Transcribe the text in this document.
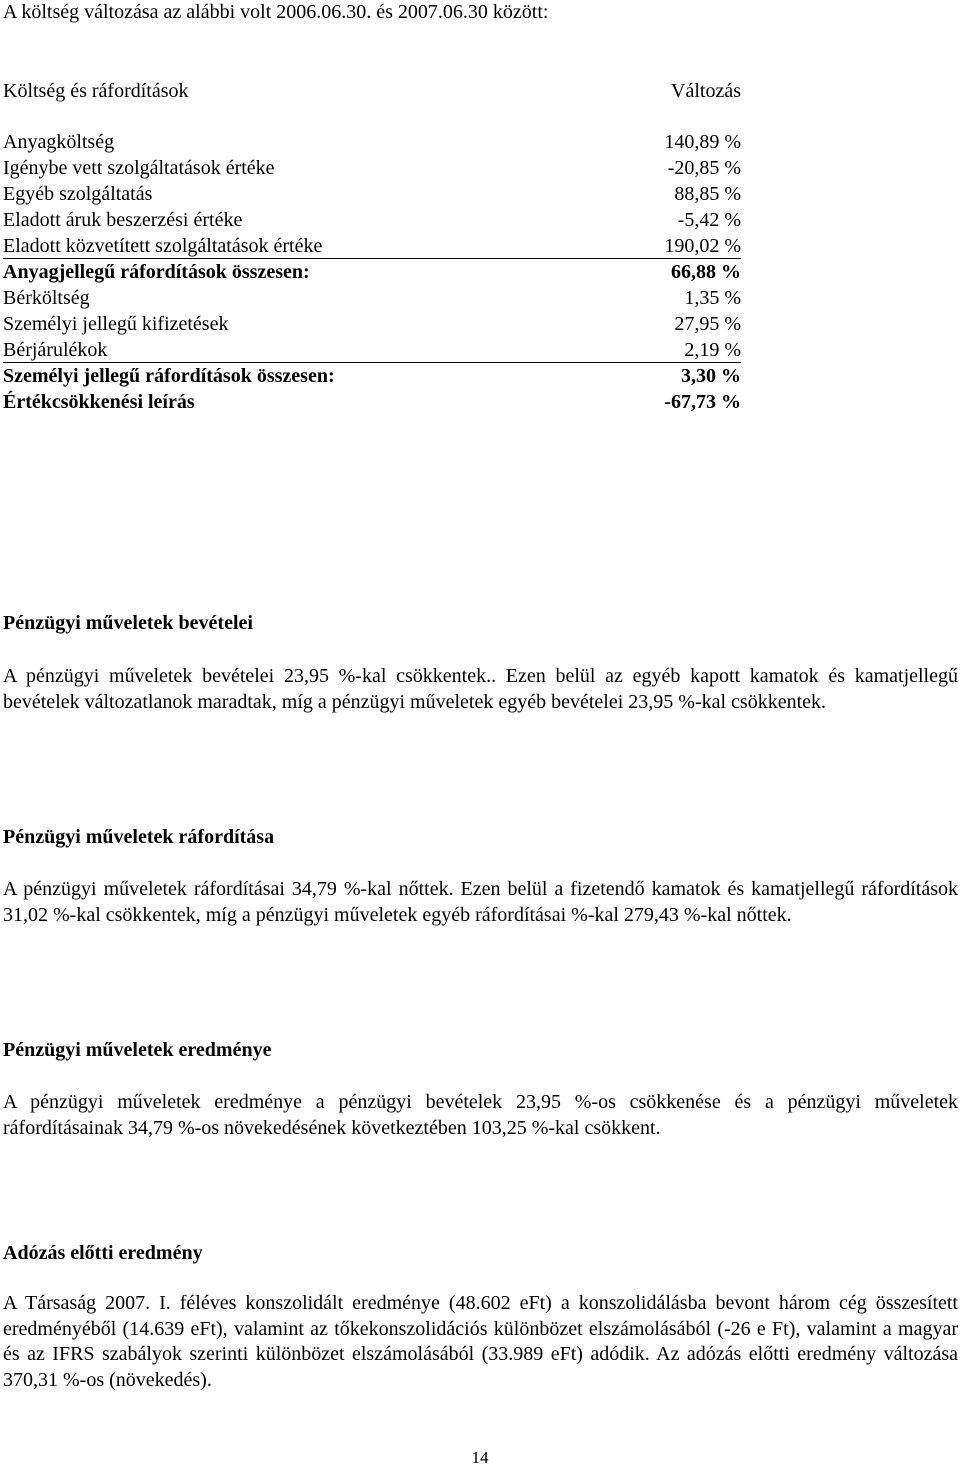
A költség változása az alábbi volt 2006.06.30. és 2007.06.30 között:
Költség és ráfordítások	Változás
Anyagköltség	140,89 %
Igénybe vett szolgáltatások értéke	-20,85 %
Egyéb szolgáltatás	88,85 %
Eladott áruk beszerzési értéke	-5,42 %
Eladott közvetített szolgáltatások értéke	190,02 %
Anyagjellegű ráfordítások összesen:	66,88 %
Bérköltség	1,35 %
Személyi jellegű kifizetések	27,95 %
Bérjárulékok	2,19 %
Személyi jellegű ráfordítások összesen:	3,30 %
Értékcsökkenési leírás	-67,73 %
Pénzügyi műveletek bevételei
A pénzügyi műveletek bevételei 23,95 %-kal csökkentek.. Ezen belül az egyéb kapott kamatok és kamatjellegű bevételek változatlanok maradtak, míg a pénzügyi műveletek egyéb bevételei 23,95 %-kal csökkentek.
Pénzügyi műveletek ráfordítása
A pénzügyi műveletek ráfordításai 34,79 %-kal nőttek. Ezen belül a fizetendő kamatok és kamatjellegű ráfordítások 31,02 %-kal csökkentek, míg a pénzügyi műveletek egyéb ráfordításai %-kal 279,43 %-kal nőttek.
Pénzügyi műveletek eredménye
A pénzügyi műveletek eredménye a pénzügyi bevételek 23,95 %-os csökkenése és a pénzügyi műveletek ráfordításainak 34,79 %-os növekedésének következtében 103,25 %-kal csökkent.
Adózás előtti eredmény
A Társaság 2007. I. féléves konszolidált eredménye (48.602 eFt) a konszolidálásba bevont három cég összesített eredményéből (14.639 eFt), valamint az tőkekonszolidációs különbözet elszámolásából (-26 e Ft), valamint a magyar és az IFRS szabályok szerinti különbözet elszámolásából (33.989 eFt) adódik. Az adózás előtti eredmény változása 370,31 %-os (növekedés).
14
